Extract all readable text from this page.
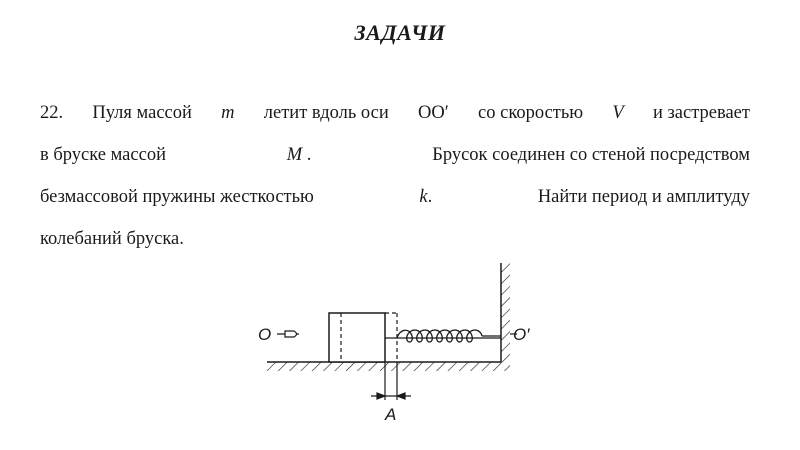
ЗАДАЧИ
22. Пуля массой m летит вдоль оси OO′ со скоростью V и застревает
в бруске массой	M .	Брусок соединен со стеной посредством
безмассовой пружины жесткостью	k.	Найти период и амплитуду
колебаний бруска.
O	O′
A
